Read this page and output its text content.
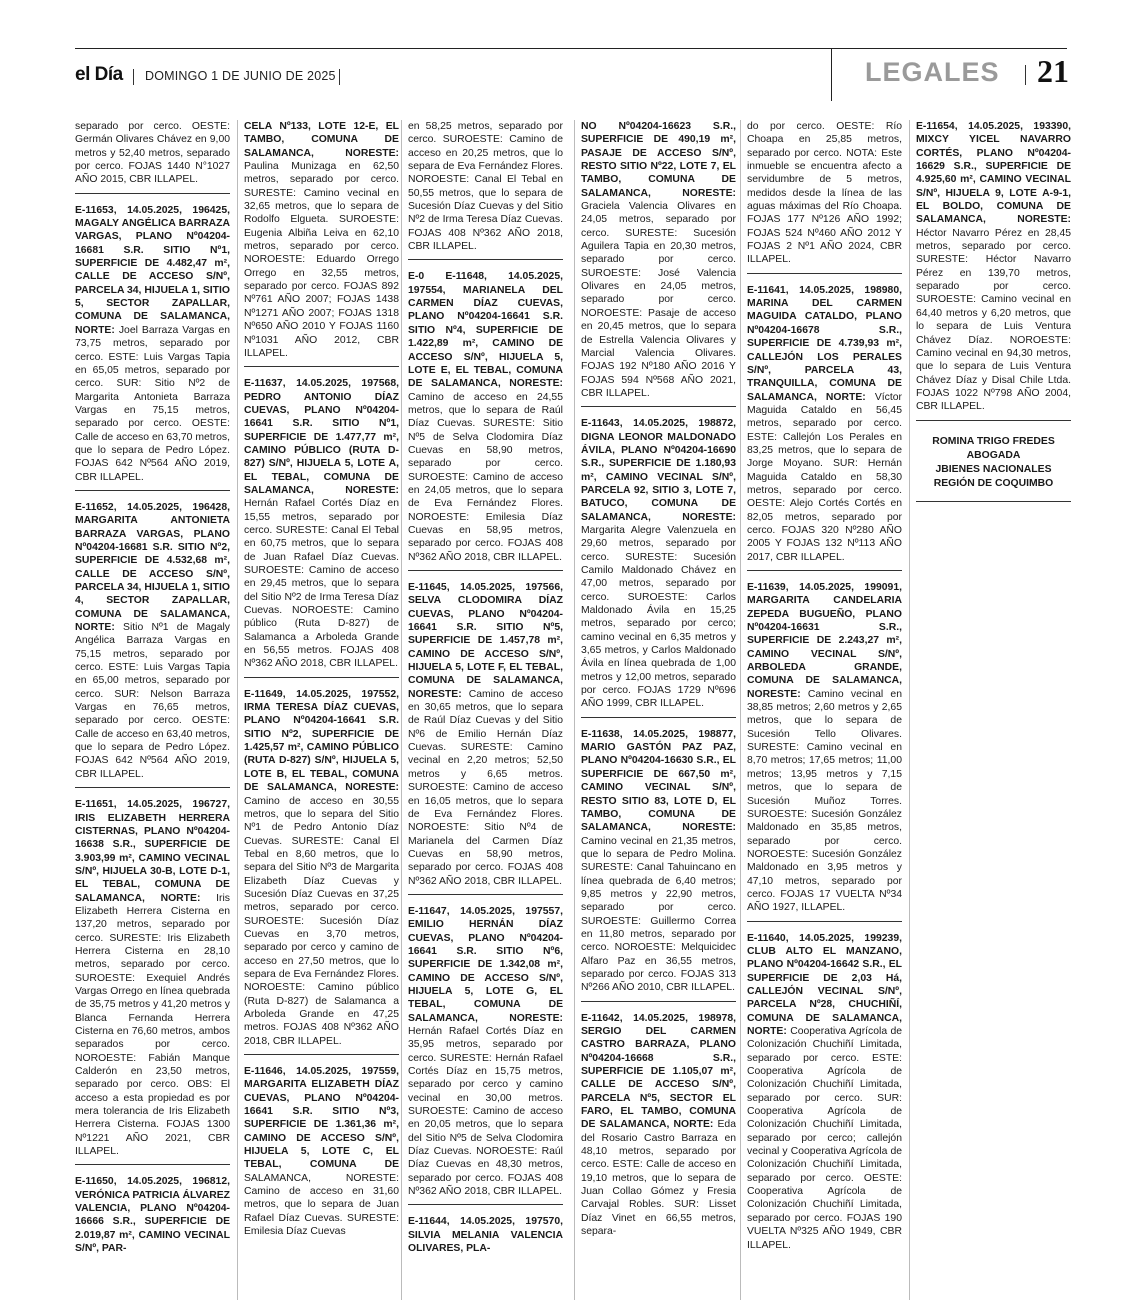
el Día DOMINGO 1 DE JUNIO DE 2025	LEGALES 21

separado por cerco. OESTE: Germán Olivares Chávez en 9,00 metros y 52,40 metros, separado por cerco. FOJAS 1440 N°1027 AÑO 2015, CBR ILLAPEL.

E-11653, 14.05.2025, 196425, MAGALY ANGÉLICA BARRAZA VARGAS, PLANO Nº04204-16681 S.R. SITIO Nº1, SUPERFICIE DE 4.482,47 m², CALLE DE ACCESO S/Nº, PARCELA 34, HIJUELA 1, SITIO 5, SECTOR ZAPALLAR, COMUNA DE SALAMANCA, NORTE: Joel Barraza Vargas en 73,75 metros, separado por cerco. ESTE: Luis Vargas Tapia en 65,05 metros, separado por cerco. SUR: Sitio Nº2 de Margarita Antonieta Barraza Vargas en 75,15 metros, separado por cerco. OESTE: Calle de acceso en 63,70 metros, que lo separa de Pedro López. FOJAS 642 Nº564 AÑO 2019, CBR ILLAPEL.

E-11652, 14.05.2025, 196428, MARGARITA ANTONIETA BARRAZA VARGAS, PLANO Nº04204-16681 S.R. SITIO Nº2, SUPERFICIE DE 4.532,68 m², CALLE DE ACCESO S/Nº, PARCELA 34, HIJUELA 1, SITIO 4, SECTOR ZAPALLAR, COMUNA DE SALAMANCA, NORTE: Sitio Nº1 de Magaly Angélica Barraza Vargas en 75,15 metros, separado por cerco. ESTE: Luis Vargas Tapia en 65,00 metros, separado por cerco. SUR: Nelson Barraza Vargas en 76,65 metros, separado por cerco. OESTE: Calle de acceso en 63,40 metros, que lo separa de Pedro López. FOJAS 642 Nº564 AÑO 2019, CBR ILLAPEL.

E-11651, 14.05.2025, 196727, IRIS ELIZABETH HERRERA CISTERNAS, PLANO Nº04204-16638 S.R., SUPERFICIE DE 3.903,99 m², CAMINO VECINAL S/Nº, HIJUELA 30-B, LOTE D-1, EL TEBAL, COMUNA DE SALAMANCA, NORTE: Iris Elizabeth Herrera Cisterna en 137,20 metros, separado por cerco. SURESTE: Iris Elizabeth Herrera Cisterna en 28,10 metros, separado por cerco. SUROESTE: Exequiel Andrés Vargas Orrego en línea quebrada de 35,75 metros y 41,20 metros y Blanca Fernanda Herrera Cisterna en 76,60 metros, ambos separados por cerco. NOROESTE: Fabián Manque Calderón en 23,50 metros, separado por cerco. OBS: El acceso a esta propiedad es por mera tolerancia de Iris Elizabeth Herrera Cisterna. FOJAS 1300 Nº1221 AÑO 2021, CBR ILLAPEL.

E-11650, 14.05.2025, 196812, VERÓNICA PATRICIA ÁLVAREZ VALENCIA, PLANO Nº04204-16666 S.R., SUPERFICIE DE 2.019,87 m², CAMINO VECINAL S/Nº, PAR-

CELA Nº133, LOTE 12-E, EL TAMBO, COMUNA DE SALAMANCA, NORESTE: Paulina Munizaga en 62,50 metros, separado por cerco. SURESTE: Camino vecinal en 32,65 metros, que lo separa de Rodolfo Elgueta. SUROESTE: Eugenia Albiña Leiva en 62,10 metros, separado por cerco. NOROESTE: Eduardo Orrego Orrego en 32,55 metros, separado por cerco. FOJAS 892 Nº761 AÑO 2007; FOJAS 1438 Nº1271 AÑO 2007; FOJAS 1318 Nº650 AÑO 2010 Y FOJAS 1160 Nº1031 AÑO 2012, CBR ILLAPEL.

E-11637, 14.05.2025, 197568, PEDRO ANTONIO DÍAZ CUEVAS, PLANO Nº04204-16641 S.R. SITIO Nº1, SUPERFICIE DE 1.477,77 m², CAMINO PÚBLICO (RUTA D-827) S/Nº, HIJUELA 5, LOTE A, EL TEBAL, COMUNA DE SALAMANCA, NORESTE: Hernán Rafael Cortés Díaz en 15,55 metros, separado por cerco. SURESTE: Canal El Tebal en 60,75 metros, que lo separa de Juan Rafael Díaz Cuevas. SUROESTE: Camino de acceso en 29,45 metros, que lo separa del Sitio Nº2 de Irma Teresa Díaz Cuevas. NOROESTE: Camino público (Ruta D-827) de Salamanca a Arboleda Grande en 56,55 metros. FOJAS 408 Nº362 AÑO 2018, CBR ILLAPEL.

E-11649, 14.05.2025, 197552, IRMA TERESA DÍAZ CUEVAS, PLANO Nº04204-16641 S.R. SITIO Nº2, SUPERFICIE DE 1.425,57 m², CAMINO PÚBLICO (RUTA D-827) S/Nº, HIJUELA 5, LOTE B, EL TEBAL, COMUNA DE SALAMANCA, NORESTE: Camino de acceso en 30,55 metros, que lo separa del Sitio Nº1 de Pedro Antonio Díaz Cuevas. SURESTE: Canal El Tebal en 8,60 metros, que lo separa del Sitio Nº3 de Margarita Elizabeth Díaz Cuevas y Sucesión Díaz Cuevas en 37,25 metros, separado por cerco. SUROESTE: Sucesión Díaz Cuevas en 3,70 metros, separado por cerco y camino de acceso en 27,50 metros, que lo separa de Eva Fernández Flores. NOROESTE: Camino público (Ruta D-827) de Salamanca a Arboleda Grande en 47,25 metros. FOJAS 408 Nº362 AÑO 2018, CBR ILLAPEL.

E-11646, 14.05.2025, 197559, MARGARITA ELIZABETH DÍAZ CUEVAS, PLANO Nº04204-16641 S.R. SITIO Nº3, SUPERFICIE DE 1.361,36 m², CAMINO DE ACCESO S/Nº, HIJUELA 5, LOTE C, EL TEBAL, COMUNA DE SALAMANCA, NORESTE: Camino de acceso en 31,60 metros, que lo separa de Juan Rafael Díaz Cuevas. SURESTE: Emilesia Díaz Cuevas

en 58,25 metros, separado por cerco. SUROESTE: Camino de acceso en 20,25 metros, que lo separa de Eva Fernández Flores. NOROESTE: Canal El Tebal en 50,55 metros, que lo separa de Sucesión Díaz Cuevas y del Sitio Nº2 de Irma Teresa Díaz Cuevas. FOJAS 408 Nº362 AÑO 2018, CBR ILLAPEL.

E-0 E-11648, 14.05.2025, 197554, MARIANELA DEL CARMEN DÍAZ CUEVAS, PLANO Nº04204-16641 S.R. SITIO Nº4, SUPERFICIE DE 1.422,89 m², CAMINO DE ACCESO S/Nº, HIJUELA 5, LOTE E, EL TEBAL, COMUNA DE SALAMANCA, NORESTE: Camino de acceso en 24,55 metros, que lo separa de Raúl Díaz Cuevas. SURESTE: Sitio Nº5 de Selva Clodomira Díaz Cuevas en 58,90 metros, separado por cerco. SUROESTE: Camino de acceso en 24,05 metros, que lo separa de Eva Fernández Flores. NOROESTE: Emilesia Díaz Cuevas en 58,95 metros, separado por cerco. FOJAS 408 Nº362 AÑO 2018, CBR ILLAPEL.

E-11645, 14.05.2025, 197566, SELVA CLODOMIRA DÍAZ CUEVAS, PLANO Nº04204-16641 S.R. SITIO Nº5, SUPERFICIE DE 1.457,78 m², CAMINO DE ACCESO S/Nº, HIJUELA 5, LOTE F, EL TEBAL, COMUNA DE SALAMANCA, NORESTE: Camino de acceso en 30,65 metros, que lo separa de Raúl Díaz Cuevas y del Sitio Nº6 de Emilio Hernán Díaz Cuevas. SURESTE: Camino vecinal en 2,20 metros; 52,50 metros y 6,65 metros. SUROESTE: Camino de acceso en 16,05 metros, que lo separa de Eva Fernández Flores. NOROESTE: Sitio Nº4 de Marianela del Carmen Díaz Cuevas en 58,90 metros, separado por cerco. FOJAS 408 Nº362 AÑO 2018, CBR ILLAPEL.

E-11647, 14.05.2025, 197557, EMILIO HERNÁN DÍAZ CUEVAS, PLANO Nº04204-16641 S.R. SITIO Nº6, SUPERFICIE DE 1.342,08 m², CAMINO DE ACCESO S/Nº, HIJUELA 5, LOTE G, EL TEBAL, COMUNA DE SALAMANCA, NORESTE: Hernán Rafael Cortés Díaz en 35,95 metros, separado por cerco. SURESTE: Hernán Rafael Cortés Díaz en 15,75 metros, separado por cerco y camino vecinal en 30,00 metros. SUROESTE: Camino de acceso en 20,05 metros, que lo separa del Sitio Nº5 de Selva Clodomira Díaz Cuevas. NOROESTE: Raúl Díaz Cuevas en 48,30 metros, separado por cerco. FOJAS 408 Nº362 AÑO 2018, CBR ILLAPEL.

E-11644, 14.05.2025, 197570, SILVIA MELANIA VALENCIA OLIVARES, PLA-

NO Nº04204-16623 S.R., SUPERFICIE DE 490,19 m², PASAJE DE ACCESO S/Nº, RESTO SITIO Nº22, LOTE 7, EL TAMBO, COMUNA DE SALAMANCA, NORESTE: Graciela Valencia Olivares en 24,05 metros, separado por cerco. SURESTE: Sucesión Aguilera Tapia en 20,30 metros, separado por cerco. SUROESTE: José Valencia Olivares en 24,05 metros, separado por cerco. NOROESTE: Pasaje de acceso en 20,45 metros, que lo separa de Estrella Valencia Olivares y Marcial Valencia Olivares. FOJAS 192 Nº180 AÑO 2016 Y FOJAS 594 Nº568 AÑO 2021, CBR ILLAPEL.

E-11643, 14.05.2025, 198872, DIGNA LEONOR MALDONADO ÁVILA, PLANO Nº04204-16690 S.R., SUPERFICIE DE 1.180,93 m², CAMINO VECINAL S/Nº, PARCELA 92, SITIO 3, LOTE 7, BATUCO, COMUNA DE SALAMANCA, NORESTE: Margarita Alegre Valenzuela en 29,60 metros, separado por cerco. SURESTE: Sucesión Camilo Maldonado Chávez en 47,00 metros, separado por cerco. SUROESTE: Carlos Maldonado Ávila en 15,25 metros, separado por cerco; camino vecinal en 6,35 metros y 3,65 metros, y Carlos Maldonado Ávila en línea quebrada de 1,00 metros y 12,00 metros, separado por cerco. FOJAS 1729 Nº696 AÑO 1999, CBR ILLAPEL.

E-11638, 14.05.2025, 198877, MARIO GASTÓN PAZ PAZ, PLANO Nº04204-16630 S.R., EL SUPERFICIE DE 667,50 m², CAMINO VECINAL S/Nº, RESTO SITIO 83, LOTE D, EL TAMBO, COMUNA DE SALAMANCA, NORESTE: Camino vecinal en 21,35 metros, que lo separa de Pedro Molina. SURESTE: Canal Tahuincano en línea quebrada de 6,40 metros; 9,85 metros y 22,90 metros, separado por cerco. SUROESTE: Guillermo Correa en 11,80 metros, separado por cerco. NOROESTE: Melquicidec Alfaro Paz en 36,55 metros, separado por cerco. FOJAS 313 Nº266 AÑO 2010, CBR ILLAPEL.

E-11642, 14.05.2025, 198978, SERGIO DEL CARMEN CASTRO BARRAZA, PLANO Nº04204-16668 S.R., SUPERFICIE DE 1.105,07 m², CALLE DE ACCESO S/Nº, PARCELA Nº5, SECTOR EL FARO, EL TAMBO, COMUNA DE SALAMANCA, NORTE: Eda del Rosario Castro Barraza en 48,10 metros, separado por cerco. ESTE: Calle de acceso en 19,10 metros, que lo separa de Juan Collao Gómez y Fresia Carvajal Robles. SUR: Lisset Díaz Vinet en 66,55 metros, separa-

do por cerco. OESTE: Río Choapa en 25,85 metros, separado por cerco. NOTA: Este inmueble se encuentra afecto a servidumbre de 5 metros, medidos desde la línea de las aguas máximas del Río Choapa. FOJAS 177 Nº126 AÑO 1992; FOJAS 524 Nº460 AÑO 2012 Y FOJAS 2 Nº1 AÑO 2024, CBR ILLAPEL.

E-11641, 14.05.2025, 198980, MARINA DEL CARMEN MAGUIDA CATALDO, PLANO Nº04204-16678 S.R., SUPERFICIE DE 4.739,93 m², CALLEJÓN LOS PERALES S/Nº, PARCELA 43, TRANQUILLA, COMUNA DE SALAMANCA, NORTE: Víctor Maguida Cataldo en 56,45 metros, separado por cerco. ESTE: Callejón Los Perales en 83,25 metros, que lo separa de Jorge Moyano. SUR: Hernán Maguida Cataldo en 58,30 metros, separado por cerco. OESTE: Alejo Cortés Cortés en 82,05 metros, separado por cerco. FOJAS 320 Nº280 AÑO 2005 Y FOJAS 132 Nº113 AÑO 2017, CBR ILLAPEL.

E-11639, 14.05.2025, 199091, MARGARITA CANDELARIA ZEPEDA BUGUEÑO, PLANO Nº04204-16631 S.R., SUPERFICIE DE 2.243,27 m², CAMINO VECINAL S/Nº, ARBOLEDA GRANDE, COMUNA DE SALAMANCA, NORESTE: Camino vecinal en 38,85 metros; 2,60 metros y 2,65 metros, que lo separa de Sucesión Tello Olivares. SURESTE: Camino vecinal en 8,70 metros; 17,65 metros; 11,00 metros; 13,95 metros y 7,15 metros, que lo separa de Sucesión Muñoz Torres. SUROESTE: Sucesión González Maldonado en 35,85 metros, separado por cerco. NOROESTE: Sucesión González Maldonado en 3,95 metros y 47,10 metros, separado por cerco. FOJAS 17 VUELTA Nº34 AÑO 1927, ILLAPEL.

E-11640, 14.05.2025, 199239, CLUB ALTO EL MANZANO, PLANO Nº04204-16642 S.R., EL SUPERFICIE DE 2,03 Há, CALLEJÓN VECINAL S/Nº, PARCELA Nº28, CHUCHIÑÍ, COMUNA DE SALAMANCA, NORTE: Cooperativa Agrícola de Colonización Chuchiñí Limitada, separado por cerco. ESTE: Cooperativa Agrícola de Colonización Chuchiñí Limitada, separado por cerco. SUR: Cooperativa Agrícola de Colonización Chuchiñí Limitada, separado por cerco; callejón vecinal y Cooperativa Agrícola de Colonización Chuchiñí Limitada, separado por cerco. OESTE: Cooperativa Agrícola de Colonización Chuchiñí Limitada, separado por cerco. FOJAS 190 VUELTA Nº325 AÑO 1949, CBR ILLAPEL.

E-11654, 14.05.2025, 193390, MIXCY YICEL NAVARRO CORTÉS, PLANO Nº04204-16629 S.R., SUPERFICIE DE 4.925,60 m², CAMINO VECINAL S/Nº, HIJUELA 9, LOTE A-9-1, EL BOLDO, COMUNA DE SALAMANCA, NORESTE: Héctor Navarro Pérez en 28,45 metros, separado por cerco. SURESTE: Héctor Navarro Pérez en 139,70 metros, separado por cerco. SUROESTE: Camino vecinal en 64,40 metros y 6,20 metros, que lo separa de Luis Ventura Chávez Díaz. NOROESTE: Camino vecinal en 94,30 metros, que lo separa de Luis Ventura Chávez Díaz y Disal Chile Ltda. FOJAS 1022 Nº798 AÑO 2004, CBR ILLAPEL.

ROMINA TRIGO FREDES
ABOGADA
JBIENES NACIONALES
REGIÓN DE COQUIMBO
